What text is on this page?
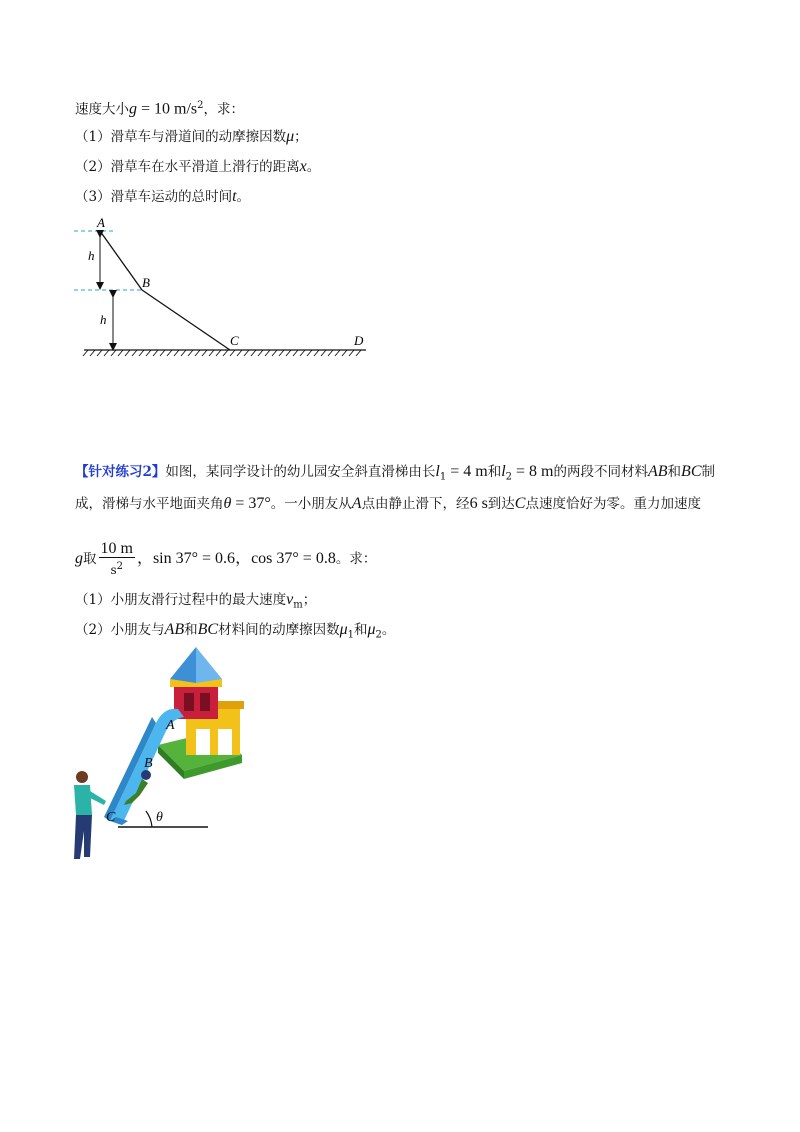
速度大小g = 10 $m/s^2$，求：
（1）滑草车与滑道间的动摩擦因数μ；
（2）滑草车在水平滑道上滑行的距离x。
（3）滑草车运动的总时间t。
A
B
C	D
h
h
【针对练习2】如图，某同学设计的幼儿园安全斜直滑梯由长$l_1 = 4$ m和$l_2 = 8$ m的两段不同材料AB和BC制
成，滑梯与水平地面夹角θ = 37°。一小朋友从A点由静止滑下，经6 s到达C点速度恰好为零。重力加速度
g取 $\frac{10 m}{s^2}$ ，sin 37° = 0.6，cos 37° = 0.8。求：
（1）小朋友滑行过程中的最大速度$v_m$；
（2）小朋友与AB和BC材料间的动摩擦因数$\mu_1$和$\mu_2$。
A
B
C	θ
